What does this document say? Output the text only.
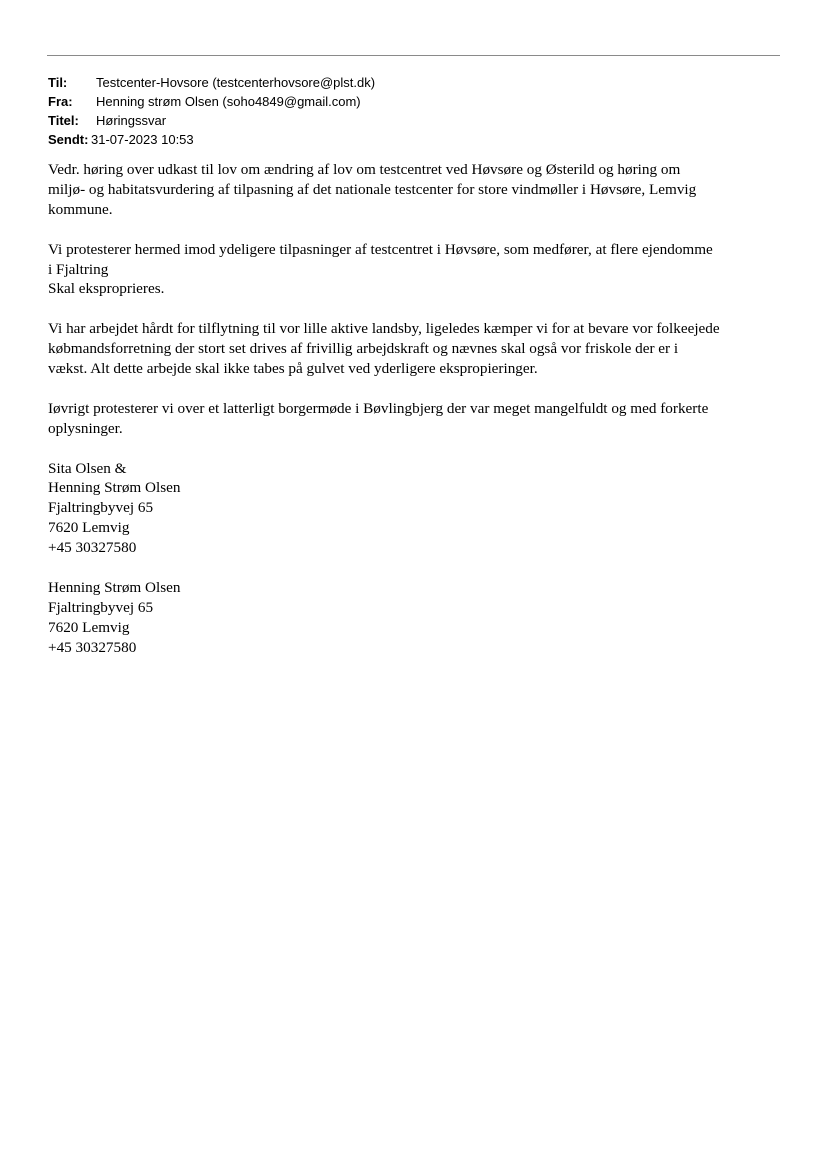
Til:	Testcenter-Hovsore (testcenterhovsore@plst.dk)
Fra:	Henning strøm Olsen (soho4849@gmail.com)
Titel:	Høringssvar
Sendt: 31-07-2023 10:53
Vedr. høring over udkast til lov om ændring af lov om testcentret ved Høvsøre og Østerild og høring om
miljø- og habitatsvurdering af tilpasning af det nationale testcenter for store vindmøller i Høvsøre, Lemvig
kommune.
Vi protesterer hermed imod ydeligere tilpasninger af testcentret i Høvsøre, som medfører, at flere ejendomme
i Fjaltring
Skal eksproprieres.
Vi har arbejdet hårdt for tilflytning til vor lille aktive landsby, ligeledes kæmper vi for at bevare vor folkeejede
købmandsforretning der stort set drives af frivillig arbejdskraft og nævnes skal også vor friskole der er i
vækst. Alt dette arbejde skal ikke tabes på gulvet ved yderligere ekspropieringer.
Iøvrigt protesterer vi over et latterligt borgermøde i Bøvlingbjerg der var meget mangelfuldt og med forkerte
oplysninger.
Sita Olsen &
Henning Strøm Olsen
Fjaltringbyvej 65
7620 Lemvig
+45 30327580
Henning Strøm Olsen
Fjaltringbyvej 65
7620 Lemvig
+45 30327580
